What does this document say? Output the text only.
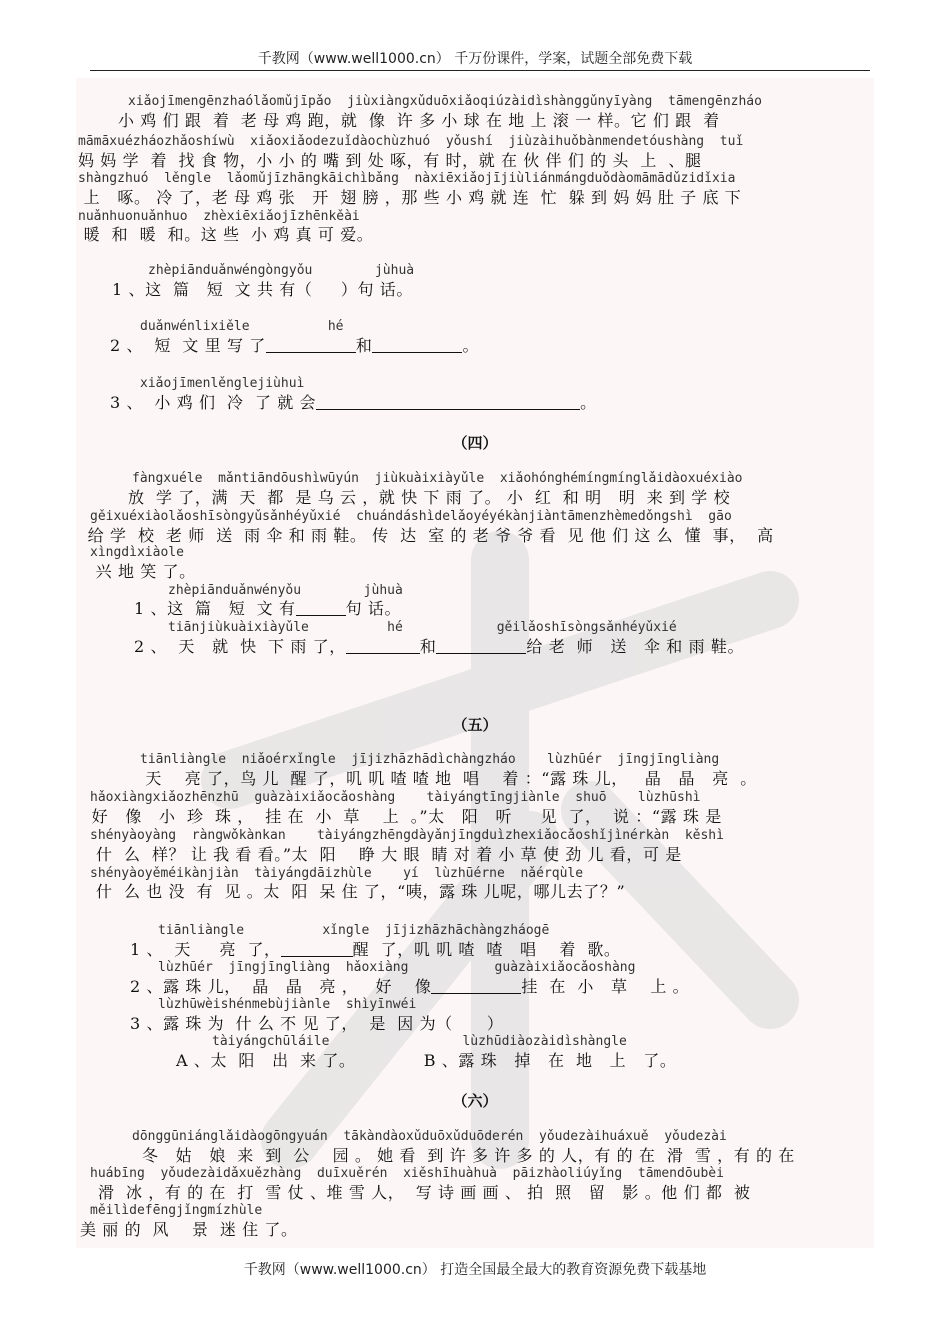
千教网（www.well1000.cn） 千万份课件，学案，试题全部免费下载
xiǎojīmengēnzhaólǎomǔjīpǎo  jiùxiàngxǔduōxiǎoqiúzàidìshànggǔnyīyàng  tāmengēnzháo
小 鸡 们 跟  着  老 母 鸡 跑，就  像  许 多 小 球 在 地 上 滚 一 样。它 们 跟  着
māmāxuézháozhǎoshíwù  xiǎoxiǎodezuǐdàochùzhuó  yǒushí  jiùzàihuǒbànmendetóushàng  tuǐ
妈 妈 学  着  找 食 物，小 小 的 嘴 到 处 啄，有 时，就 在 伙 伴 们 的 头  上  、腿
shàngzhuó  lěngle  lǎomǔjīzhāngkāichìbǎng  nàxiēxiǎojījiùliánmángduǒdàomāmādǔzidǐxia
上   啄。 冷 了，老 母 鸡 张   开  翅 膀 ，那 些 小 鸡 就 连  忙  躲 到 妈 妈 肚 子 底 下
nuǎnhuonuǎnhuo  zhèxiēxiǎojīzhēnkěài
暖  和  暖  和。这 些  小 鸡 真 可 爱。
zhèpiānduǎnwéngòngyǒu        jùhuà
1 、这  篇   短  文 共 有（     ）句 话。
duǎnwénlixiěle          hé
2 、  短  文 里 写 了	和	。
xiǎojīmenlěnglejiùhuì
3 、  小 鸡 们  冷  了 就 会	。
（四）
fàngxuéle  mǎntiāndōushìwūyún  jiùkuàixiàyǔle  xiǎohónghémíngmínglǎidàoxuéxiào
放  学 了，满  天  都  是 乌 云 ，就 快 下 雨 了。 小  红  和 明   明  来 到 学 校
gěixuéxiàolǎoshīsòngyǔsǎnhéyǔxié  chuándáshìdelǎoyéyékànjiàntāmenzhèmedǒngshì  gāo
给 学  校  老 师  送  雨 伞 和 雨 鞋。 传  达  室 的 老 爷 爷 看  见 他 们 这 么  懂  事，  高
xìngdìxiàole
兴 地 笑 了。
zhèpiānduǎnwényǒu        jùhuà
1 、这  篇   短  文 有	句 话。
tiānjiùkuàixiàyǔle          hé            gěilǎoshīsòngsǎnhéyǔxié
2 、  天   就  快  下 雨 了，	和	给 老  师   送   伞 和 雨 鞋。
（五）
tiānliàngle  niǎoérxǐngle  jījizhāzhādìchàngzháo    lùzhūér  jīngjīngliàng
天    亮 了，鸟 儿  醒 了，叽 叽 喳 喳 地  唱    着 ：“露 珠 儿，   晶   晶   亮  。
hǎoxiàngxiǎozhēnzhū  guàzàixiǎocǎoshàng    tàiyángtīngjiànle  shuō    lùzhūshì
好   像   小  珍  珠 ，  挂 在  小  草    上  。”太   阳   听     见  了，  说 ：“露 珠 是
shényàoyàng  ràngwǒkànkan    tàiyángzhēngdàyǎnjīngduìzhexiǎocǎoshǐjìnérkàn  kěshì
什  么  样？ 让 我 看 看。”太  阳    睁 大 眼  睛 对 着 小 草 使 劲 儿 看，可 是
shényàoyěméikànjiàn  tàiyángdāizhùle    yí  lùzhūérne  nǎérqùle
什  么 也 没  有  见 。太  阳  呆 住 了，“咦，露 珠 儿呢，哪儿去了？”
tiānliàngle          xǐngle  jījizhāzhāchàngzháogē
1 、  天     亮  了，	醒  了，叽 叽 喳  喳   唱    着  歌。
lùzhūér  jīngjīngliàng  hǎoxiàng           guàzàixiǎocǎoshàng
2 、露 珠 儿，  晶   晶   亮 ，   好    像	挂  在  小   草    上 。
lùzhūwèishénmebùjiànle  shìyīnwéi
3 、露 珠 为  什 么 不 见 了，  是  因 为（      ）
tàiyángchūláile                 lùzhūdiàozàidìshàngle
A 、太  阳   出  来 了。            B 、露 珠   掉   在  地   上   了。
（六）
dōnggūniánglǎidàogōngyuán  tākàndàoxǔduōxǔduōderén  yǒudezàihuáxuě  yǒudezài
冬   姑   娘  来  到  公    园 。 她 看  到 许 多 许 多 的 人，有 的 在  滑  雪 ，有 的 在
huábīng  yǒudezàidǎxuězhàng  duīxuěrén  xiěshīhuàhuà  pāizhàoliúyǐng  tāmendōubèi
滑  冰 ，有 的 在  打  雪 仗 、堆 雪 人，  写 诗 画 画 、 拍  照   留   影 。他 们 都  被
měilìdefēngjǐngmízhùle
美 丽 的  风    景  迷 住 了。
千教网（www.well1000.cn） 打造全国最全最大的教育资源免费下载基地
